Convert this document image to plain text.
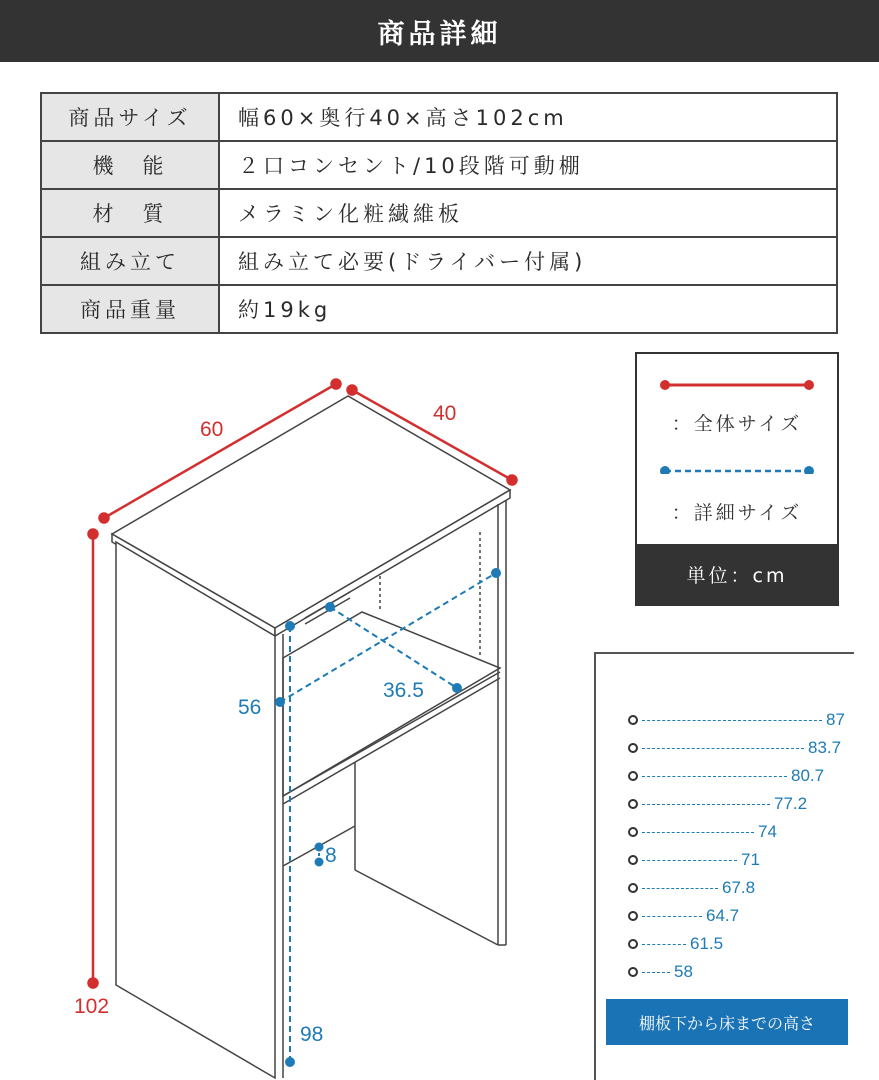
商品詳細
商品サイズ	幅60×奥行40×高さ102cm
機　能	２口コンセント/10段階可動棚
材　質	メラミン化粧繊維板
組み立て	組み立て必要(ドライバー付属)
商品重量	約19kg
60
40
102
56
36.5
8
98
：全体サイズ
：詳細サイズ
単位：cm
87
83.7
80.7
77.2
74
71
67.8
64.7
61.5
58
棚板下から床までの高さ
